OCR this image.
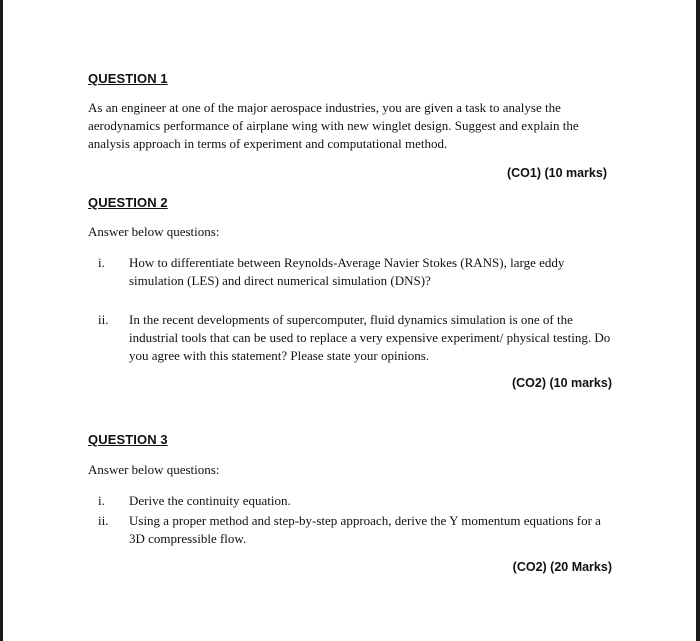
QUESTION 1
As an engineer at one of the major aerospace industries, you are given a task to analyse the aerodynamics performance of airplane wing with new winglet design. Suggest and explain the analysis approach in terms of experiment and computational method.
(CO1) (10 marks)
QUESTION 2
Answer below questions:
i. How to differentiate between Reynolds-Average Navier Stokes (RANS), large eddy simulation (LES) and direct numerical simulation (DNS)?
ii. In the recent developments of supercomputer, fluid dynamics simulation is one of the industrial tools that can be used to replace a very expensive experiment/ physical testing. Do you agree with this statement? Please state your opinions.
(CO2) (10 marks)
QUESTION 3
Answer below questions:
i. Derive the continuity equation.
ii. Using a proper method and step-by-step approach, derive the Y momentum equations for a 3D compressible flow.
(CO2) (20 Marks)
